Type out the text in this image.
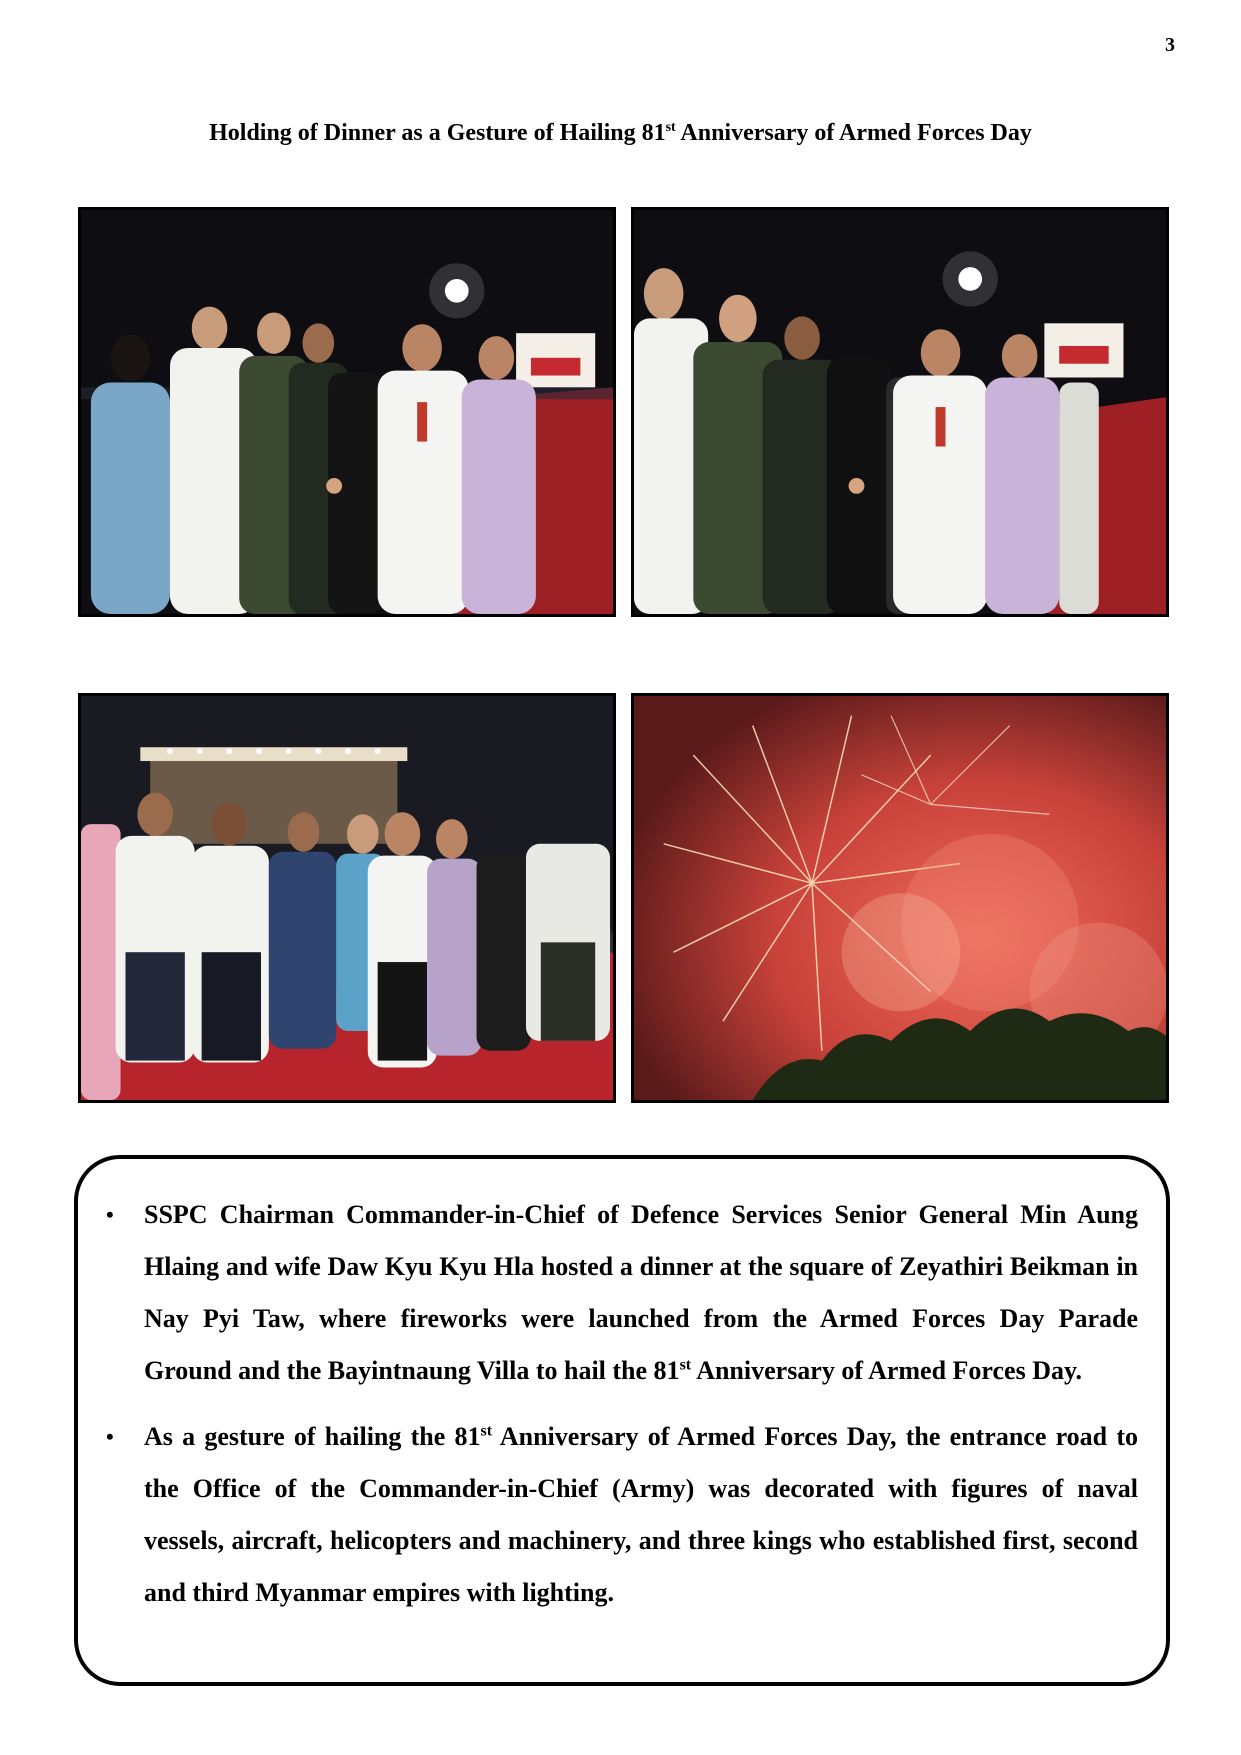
3
Holding of Dinner as a Gesture of Hailing 81st Anniversary of Armed Forces Day
• SSPC Chairman Commander-in-Chief of Defence Services Senior General Min Aung Hlaing and wife Daw Kyu Kyu Hla hosted a dinner at the square of Zeyathiri Beikman in Nay Pyi Taw, where fireworks were launched from the Armed Forces Day Parade Ground and the Bayintnaung Villa to hail the 81st Anniversary of Armed Forces Day.
• As a gesture of hailing the 81st Anniversary of Armed Forces Day, the entrance road to the Office of the Commander-in-Chief (Army) was decorated with figures of naval vessels, aircraft, helicopters and machinery, and three kings who established first, second and third Myanmar empires with lighting.
